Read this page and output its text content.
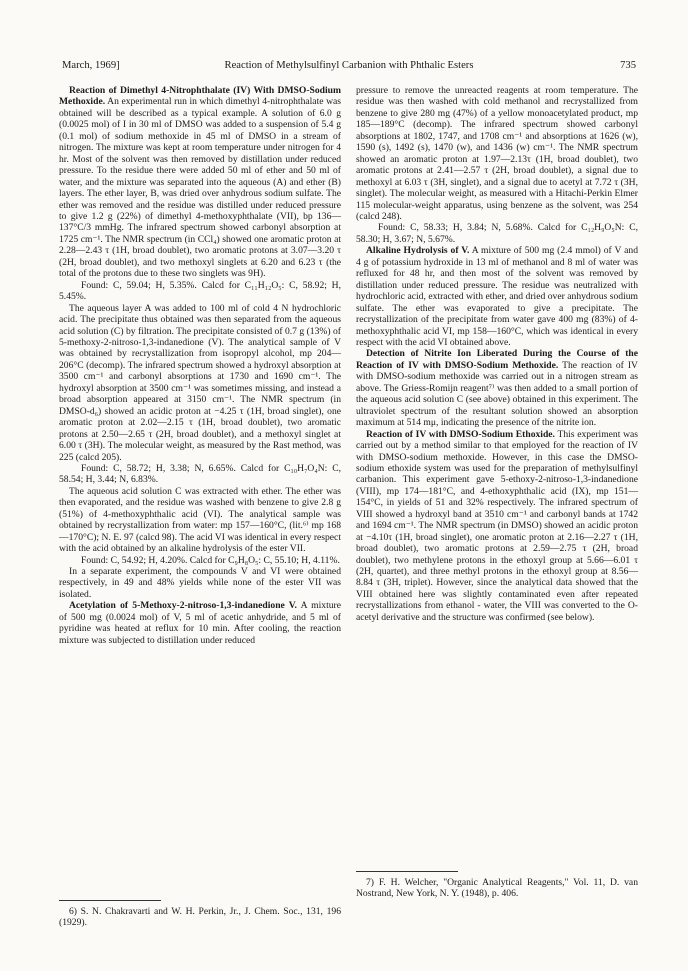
March, 1969]	Reaction of Methylsulfinyl Carbanion with Phthalic Esters	735

Reaction of Dimethyl 4-Nitrophthalate (IV) With DMSO-Sodium Methoxide. An experimental run in which dimethyl 4-nitrophthalate was obtained will be described as a typical example. A solution of 6.0 g (0.0025 mol) of I in 30 ml of DMSO was added to a suspension of 5.4 g (0.1 mol) of sodium methoxide in 45 ml of DMSO in a stream of nitrogen. The mixture was kept at room temperature under nitrogen for 4 hr. Most of the solvent was then removed by distillation under reduced pressure. To the residue there were added 50 ml of ether and 50 ml of water, and the mixture was separated into the aqueous (A) and ether (B) layers. The ether layer, B, was dried over anhydrous sodium sulfate. The ether was removed and the residue was distilled under reduced pressure to give 1.2 g (22%) of dimethyl 4-methoxyphthalate (VII), bp 136—137°C/3 mmHg. The infrared spectrum showed carbonyl absorption at 1725 cm⁻¹. The NMR spectrum (in CCl₄) showed one aromatic proton at 2.28—2.43 τ (1H, broad doublet), two aromatic protons at 3.07—3.20 τ (2H, broad doublet), and two methoxyl singlets at 6.20 and 6.23 τ (the total of the protons due to these two singlets was 9H).

Found: C, 59.04; H, 5.35%. Calcd for C₁₁H₁₂O₅: C, 58.92; H, 5.45%.

The aqueous layer A was added to 100 ml of cold 4 N hydrochloric acid. The precipitate thus obtained was then separated from the aqueous acid solution (C) by filtration. The precipitate consisted of 0.7 g (13%) of 5-methoxy-2-nitroso-1,3-indanedione (V). The analytical sample of V was obtained by recrystallization from isopropyl alcohol, mp 204—206°C (decomp). The infrared spectrum showed a hydroxyl absorption at 3500 cm⁻¹ and carbonyl absorptions at 1730 and 1690 cm⁻¹. The hydroxyl absorption at 3500 cm⁻¹ was sometimes missing, and instead a broad absorption appeared at 3150 cm⁻¹. The NMR spectrum (in DMSO-d₆) showed an acidic proton at −4.25 τ (1H, broad singlet), one aromatic proton at 2.02—2.15 τ (1H, broad doublet), two aromatic protons at 2.50—2.65 τ (2H, broad doublet), and a methoxyl singlet at 6.00 τ (3H). The molecular weight, as measured by the Rast method, was 225 (calcd 205).

Found: C, 58.72; H, 3.38; N, 6.65%. Calcd for C₁₀H₇O₄N: C, 58.54; H, 3.44; N, 6.83%.

The aqueous acid solution C was extracted with ether. The ether was then evaporated, and the residue was washed with benzene to give 2.8 g (51%) of 4-methoxyphthalic acid (VI). The analytical sample was obtained by recrystallization from water: mp 157—160°C, (lit.⁶⁾ mp 168—170°C); N. E. 97 (calcd 98). The acid VI was identical in every respect with the acid obtained by an alkaline hydrolysis of the ester VII.

Found: C, 54.92; H, 4.20%. Calcd for C₉H₈O₅: C, 55.10; H, 4.11%.

In a separate experiment, the compounds V and VI were obtained respectively, in 49 and 48% yields while none of the ester VII was isolated.

Acetylation of 5-Methoxy-2-nitroso-1,3-indanedione V. A mixture of 500 mg (0.0024 mol) of V, 5 ml of acetic anhydride, and 5 ml of pyridine was heated at reflux for 10 min. After cooling, the reaction mixture was subjected to distillation under reduced

pressure to remove the unreacted reagents at room temperature. The residue was then washed with cold methanol and recrystallized from benzene to give 280 mg (47%) of a yellow monoacetylated product, mp 185—189°C (decomp). The infrared spectrum showed carbonyl absorptions at 1802, 1747, and 1708 cm⁻¹ and absorptions at 1626 (w), 1590 (s), 1492 (s), 1470 (w), and 1436 (w) cm⁻¹. The NMR spectrum showed an aromatic proton at 1.97—2.13τ (1H, broad doublet), two aromatic protons at 2.41—2.57 τ (2H, broad doublet), a signal due to methoxyl at 6.03 τ (3H, singlet), and a signal due to acetyl at 7.72 τ (3H, singlet). The molecular weight, as measured with a Hitachi-Perkin Elmer 115 molecular-weight apparatus, using benzene as the solvent, was 254 (calcd 248).

Found: C, 58.33; H, 3.84; N, 5.68%. Calcd for C₁₂H₉O₅N: C, 58.30; H, 3.67; N, 5.67%.

Alkaline Hydrolysis of V. A mixture of 500 mg (2.4 mmol) of V and 4 g of potassium hydroxide in 13 ml of methanol and 8 ml of water was refluxed for 48 hr, and then most of the solvent was removed by distillation under reduced pressure. The residue was neutralized with hydrochloric acid, extracted with ether, and dried over anhydrous sodium sulfate. The ether was evaporated to give a precipitate. The recrystallization of the precipitate from water gave 400 mg (83%) of 4-methoxyphthalic acid VI, mp 158—160°C, which was identical in every respect with the acid VI obtained above.

Detection of Nitrite Ion Liberated During the Course of the Reaction of IV with DMSO-Sodium Methoxide. The reaction of IV with DMSO-sodium methoxide was carried out in a nitrogen stream as above. The Griess-Romijn reagent⁷⁾ was then added to a small portion of the aqueous acid solution C (see above) obtained in this experiment. The ultraviolet spectrum of the resultant solution showed an absorption maximum at 514 mμ, indicating the presence of the nitrite ion.

Reaction of IV with DMSO-Sodium Ethoxide. This experiment was carried out by a method similar to that employed for the reaction of IV with DMSO-sodium methoxide. However, in this case the DMSO-sodium ethoxide system was used for the preparation of methylsulfinyl carbanion. This experiment gave 5-ethoxy-2-nitroso-1,3-indanedione (VIII), mp 174—181°C, and 4-ethoxyphthalic acid (IX), mp 151—154°C, in yields of 51 and 32% respectively. The infrared spectrum of VIII showed a hydroxyl band at 3510 cm⁻¹ and carbonyl bands at 1742 and 1694 cm⁻¹. The NMR spectrum (in DMSO) showed an acidic proton at −4.10τ (1H, broad singlet), one aromatic proton at 2.16—2.27 τ (1H, broad doublet), two aromatic protons at 2.59—2.75 τ (2H, broad doublet), two methylene protons in the ethoxyl group at 5.66—6.01 τ (2H, quartet), and three methyl protons in the ethoxyl group at 8.56—8.84 τ (3H, triplet). However, since the analytical data showed that the VIII obtained here was slightly contaminated even after repeated recrystallizations from ethanol - water, the VIII was converted to the O-acetyl derivative and the structure was confirmed (see below).

6) S. N. Chakravarti and W. H. Perkin, Jr., J. Chem. Soc., 131, 196 (1929).

7) F. H. Welcher, "Organic Analytical Reagents," Vol. 11, D. van Nostrand, New York, N. Y. (1948), p. 406.
